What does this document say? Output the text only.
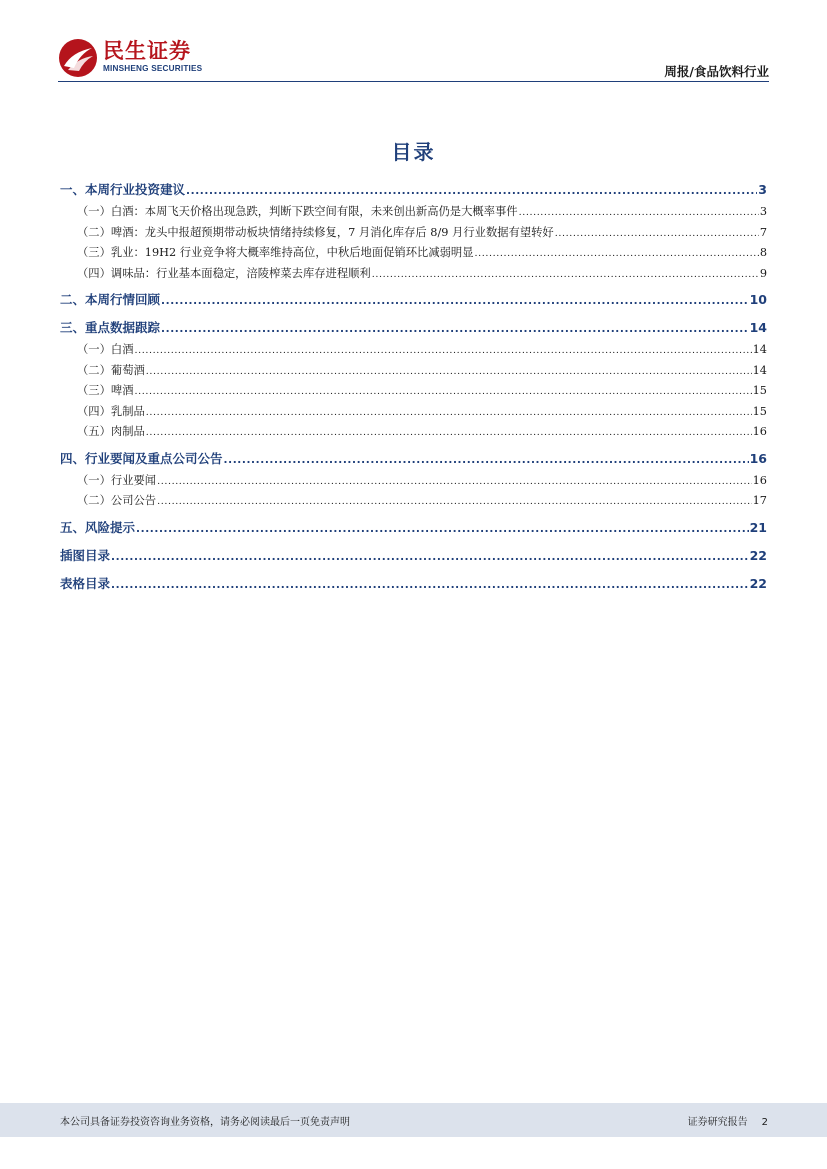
民生证券
MINSHENG SECURITIES	周报/食品饮料行业
目录
一、本周行业投资建议 .....	3
（一）白酒：本周飞天价格出现急跌，判断下跌空间有限，未来创出新高仍是大概率事件 .....	3
（二）啤酒：龙头中报超预期带动板块情绪持续修复，7 月消化库存后 8/9 月行业数据有望转好 .....	7
（三）乳业：19H2 行业竞争将大概率维持高位，中秋后地面促销环比减弱明显 .....	8
（四）调味品：行业基本面稳定，涪陵榨菜去库存进程顺利 .....	9
二、本周行情回顾 .....	10
三、重点数据跟踪 .....	14
（一）白酒 .....	14
（二）葡萄酒 .....	14
（三）啤酒 .....	15
（四）乳制品 .....	15
（五）肉制品 .....	16
四、行业要闻及重点公司公告 .....	16
（一）行业要闻 .....	16
（二）公司公告 .....	17
五、风险提示 .....	21
插图目录 .....	22
表格目录 .....	22
本公司具备证券投资咨询业务资格，请务必阅读最后一页免责声明	证券研究报告 2
